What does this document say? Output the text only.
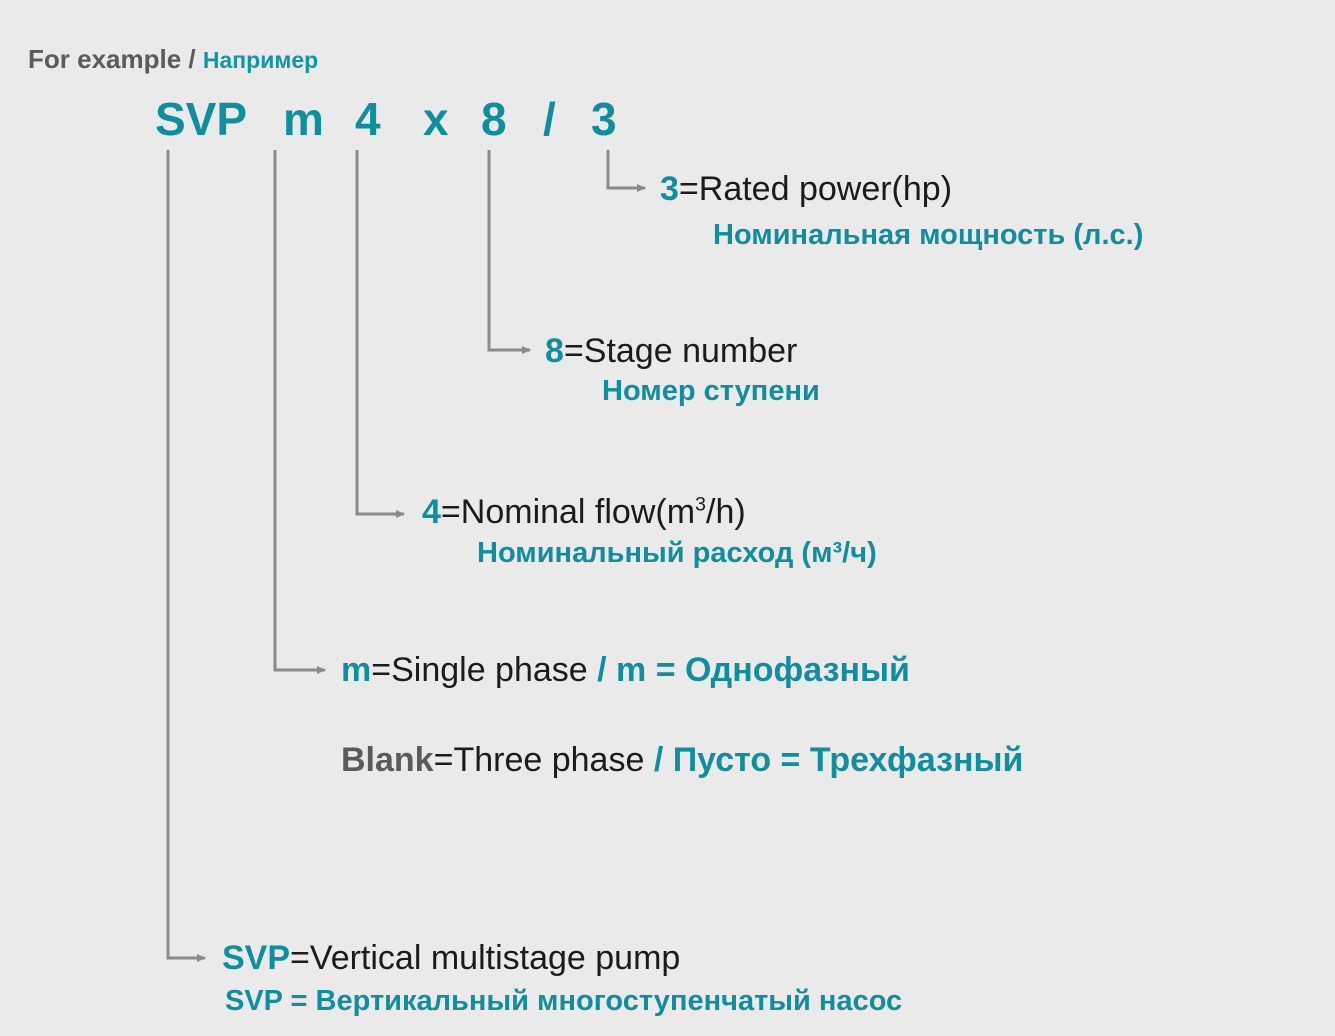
For example / Например
SVP m 4 x 8 / 3
3=Rated power(hp)
Номинальная мощность (л.с.)
8=Stage number
Номер ступени
4=Nominal $flow(m^3/h)$
Номинальный расход (м³/ч)
m=Single phase / m = Однофазный
Blank=Three phase / Пусто = Трехфазный
SVP=Vertical multistage pump
SVP = Вертикальный многоступенчатый насос
